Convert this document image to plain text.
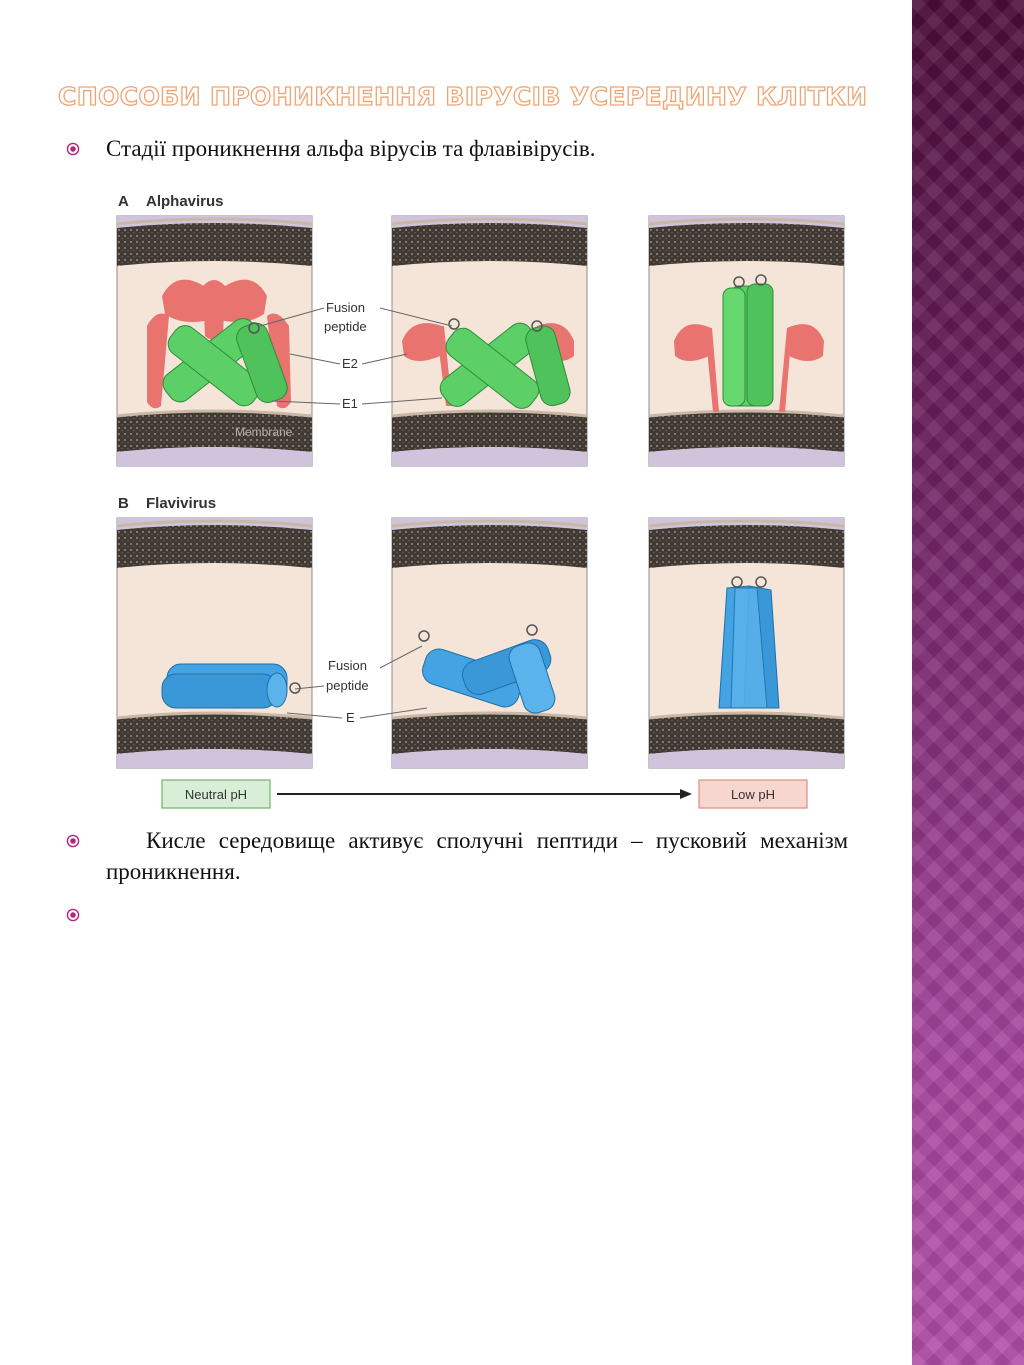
СПОСОБИ ПРОНИКНЕННЯ ВІРУСІВ УСЕРЕДИНУ КЛІТКИ
Стадії проникнення альфа вірусів та флавівірусів.
A Alphavirus
Membrane
Fusion
peptide
E2
E1
B Flavivirus
Fusion
peptide
E
Neutral pH	Low pH
Кисле середовище активує сполучні пептиди – пусковий механізм проникнення.
